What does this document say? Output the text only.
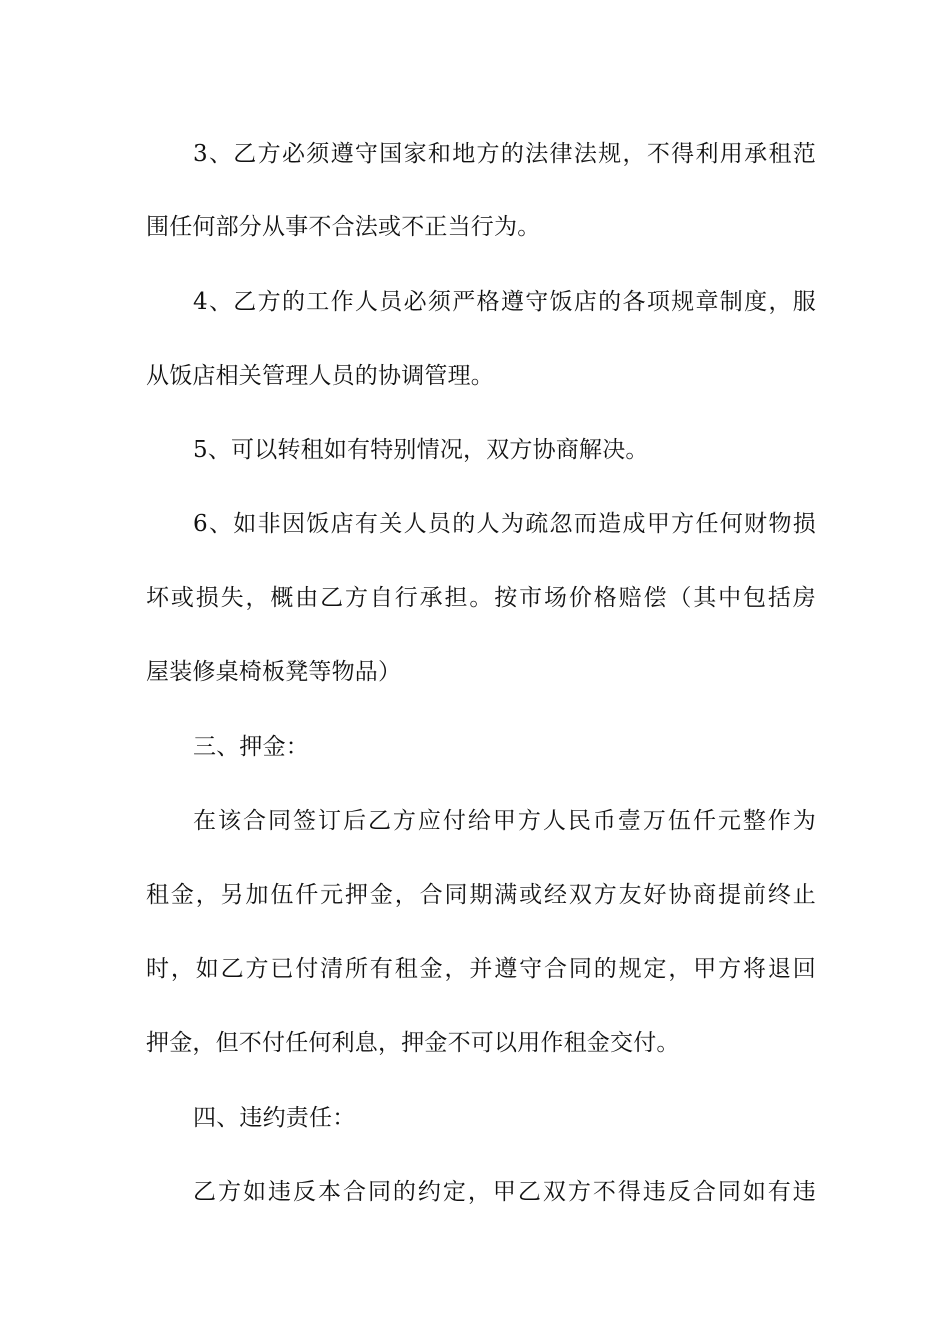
3、乙方必须遵守国家和地方的法律法规，不得利用承租范
围任何部分从事不合法或不正当行为。
4、乙方的工作人员必须严格遵守饭店的各项规章制度，服
从饭店相关管理人员的协调管理。
5、可以转租如有特别情况，双方协商解决。
6、如非因饭店有关人员的人为疏忽而造成甲方任何财物损
坏或损失，概由乙方自行承担。按市场价格赔偿（其中包括房
屋装修桌椅板凳等物品）
三、押金：
在该合同签订后乙方应付给甲方人民币壹万伍仟元整作为
租金，另加伍仟元押金，合同期满或经双方友好协商提前终止
时，如乙方已付清所有租金，并遵守合同的规定，甲方将退回
押金，但不付任何利息，押金不可以用作租金交付。
四、违约责任：
乙方如违反本合同的约定，甲乙双方不得违反合同如有违
